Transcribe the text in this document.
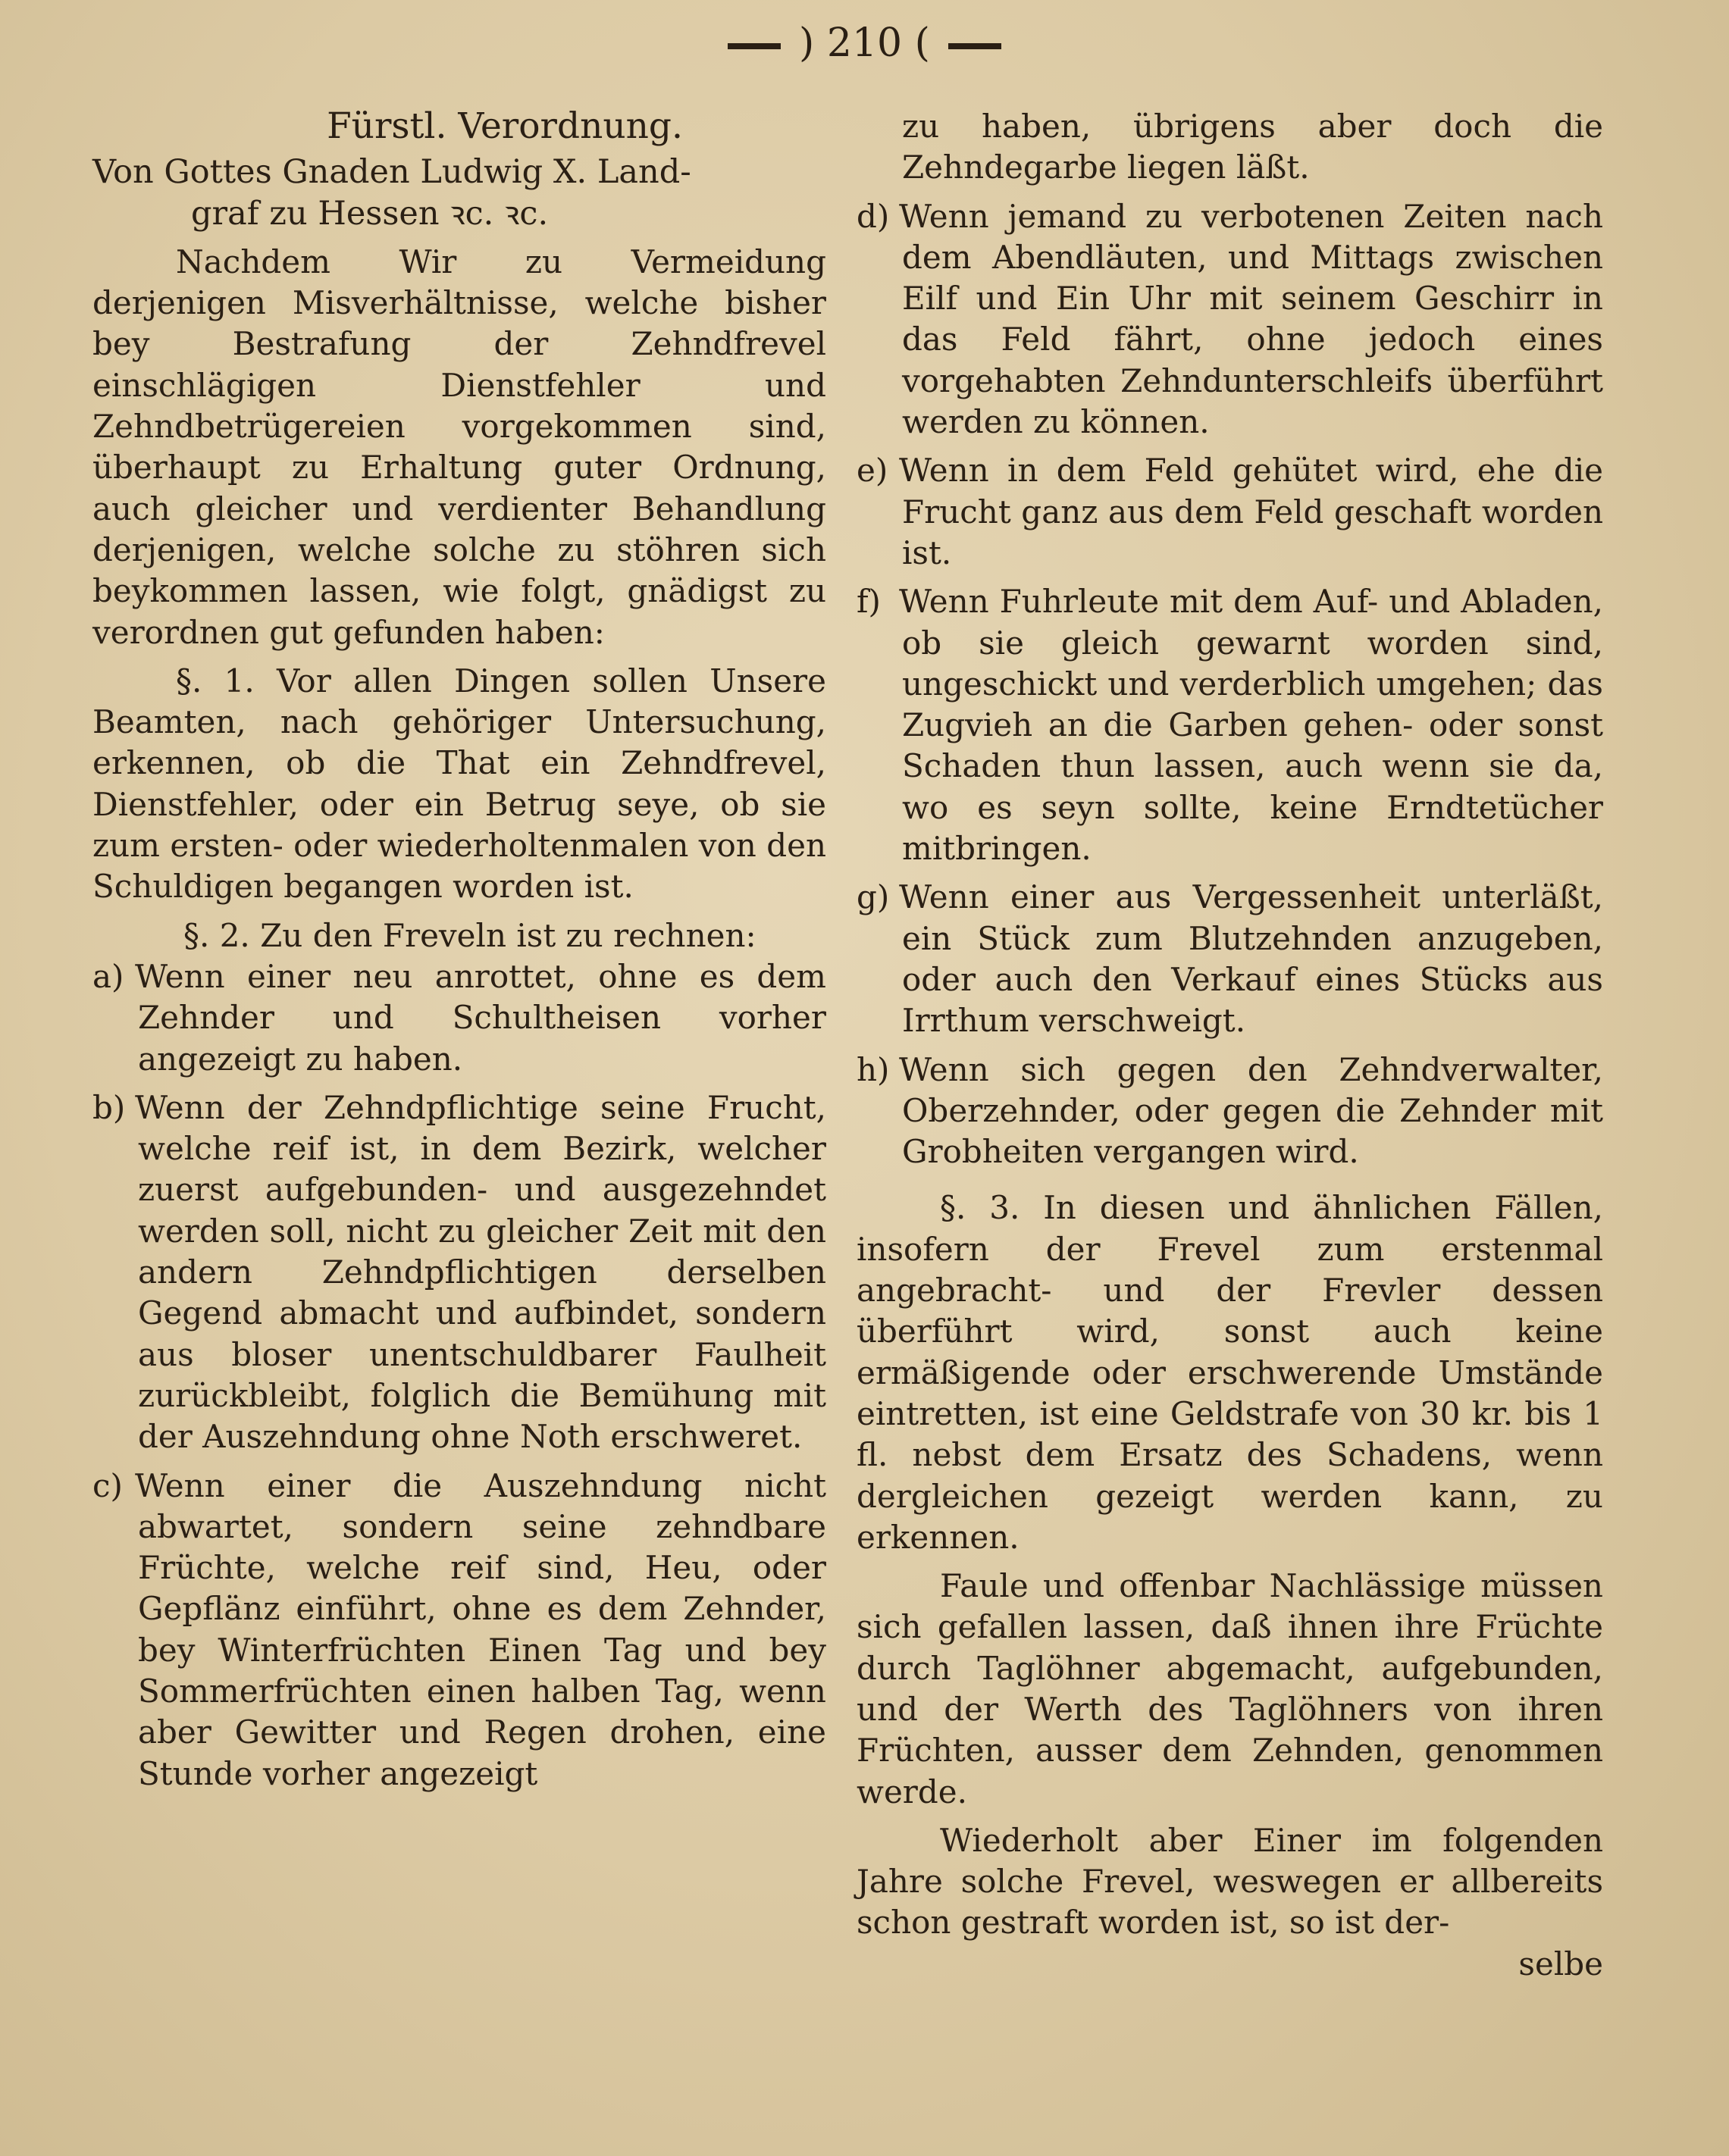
) 210 (

Fürstl. Verordnung.

Von Gottes Gnaden Ludwig X. Land-

graf zu Hessen ꝛc. ꝛc.

Nachdem Wir zu Vermeidung derjenigen Misverhältnisse, welche bisher bey Bestrafung der Zehndfrevel einschlägigen Dienstfehler und Zehndbetrügereien vorgekommen sind, überhaupt zu Erhaltung guter Ordnung, auch gleicher und verdienter Behandlung derjenigen, welche solche zu stöhren sich beykommen lassen, wie folgt, gnädigst zu verordnen gut gefunden haben:

§. 1. Vor allen Dingen sollen Unsere Beamten, nach gehöriger Untersuchung, erkennen, ob die That ein Zehndfrevel, Dienstfehler, oder ein Betrug seye, ob sie zum ersten- oder wiederholtenmalen von den Schuldigen begangen worden ist.

§. 2. Zu den Freveln ist zu rechnen:

a) Wenn einer neu anrottet, ohne es dem Zehnder und Schultheisen vorher angezeigt zu haben.

b) Wenn der Zehndpflichtige seine Frucht, welche reif ist, in dem Bezirk, welcher zuerst aufgebunden- und ausgezehndet werden soll, nicht zu gleicher Zeit mit den andern Zehndpflichtigen derselben Gegend abmacht und aufbindet, sondern aus bloser unentschuldbarer Faulheit zurückbleibt, folglich die Bemühung mit der Auszehndung ohne Noth erschweret.

c) Wenn einer die Auszehndung nicht abwartet, sondern seine zehndbare Früchte, welche reif sind, Heu, oder Gepflänz einführt, ohne es dem Zehnder, bey Winterfrüchten Einen Tag und bey Sommerfrüchten einen halben Tag, wenn aber Gewitter und Regen drohen, eine Stunde vorher angezeigt

zu haben, übrigens aber doch die Zehndegarbe liegen läßt.

d) Wenn jemand zu verbotenen Zeiten nach dem Abendläuten, und Mittags zwischen Eilf und Ein Uhr mit seinem Geschirr in das Feld fährt, ohne jedoch eines vorgehabten Zehndunterschleifs überführt werden zu können.

e) Wenn in dem Feld gehütet wird, ehe die Frucht ganz aus dem Feld geschaft worden ist.

f) Wenn Fuhrleute mit dem Auf- und Abladen, ob sie gleich gewarnt worden sind, ungeschickt und verderblich umgehen; das Zugvieh an die Garben gehen- oder sonst Schaden thun lassen, auch wenn sie da, wo es seyn sollte, keine Erndtetücher mitbringen.

g) Wenn einer aus Vergessenheit unterläßt, ein Stück zum Blutzehnden anzugeben, oder auch den Verkauf eines Stücks aus Irrthum verschweigt.

h) Wenn sich gegen den Zehndverwalter, Oberzehnder, oder gegen die Zehnder mit Grobheiten vergangen wird.

§. 3. In diesen und ähnlichen Fällen, insofern der Frevel zum erstenmal angebracht- und der Frevler dessen überführt wird, sonst auch keine ermäßigende oder erschwerende Umstände eintretten, ist eine Geldstrafe von 30 kr. bis 1 fl. nebst dem Ersatz des Schadens, wenn dergleichen gezeigt werden kann, zu erkennen.

Faule und offenbar Nachlässige müssen sich gefallen lassen, daß ihnen ihre Früchte durch Taglöhner abgemacht, aufgebunden, und der Werth des Taglöhners von ihren Früchten, ausser dem Zehnden, genommen werde.

Wiederholt aber Einer im folgenden Jahre solche Frevel, weswegen er allbereits schon gestraft worden ist, so ist der-

selbe
